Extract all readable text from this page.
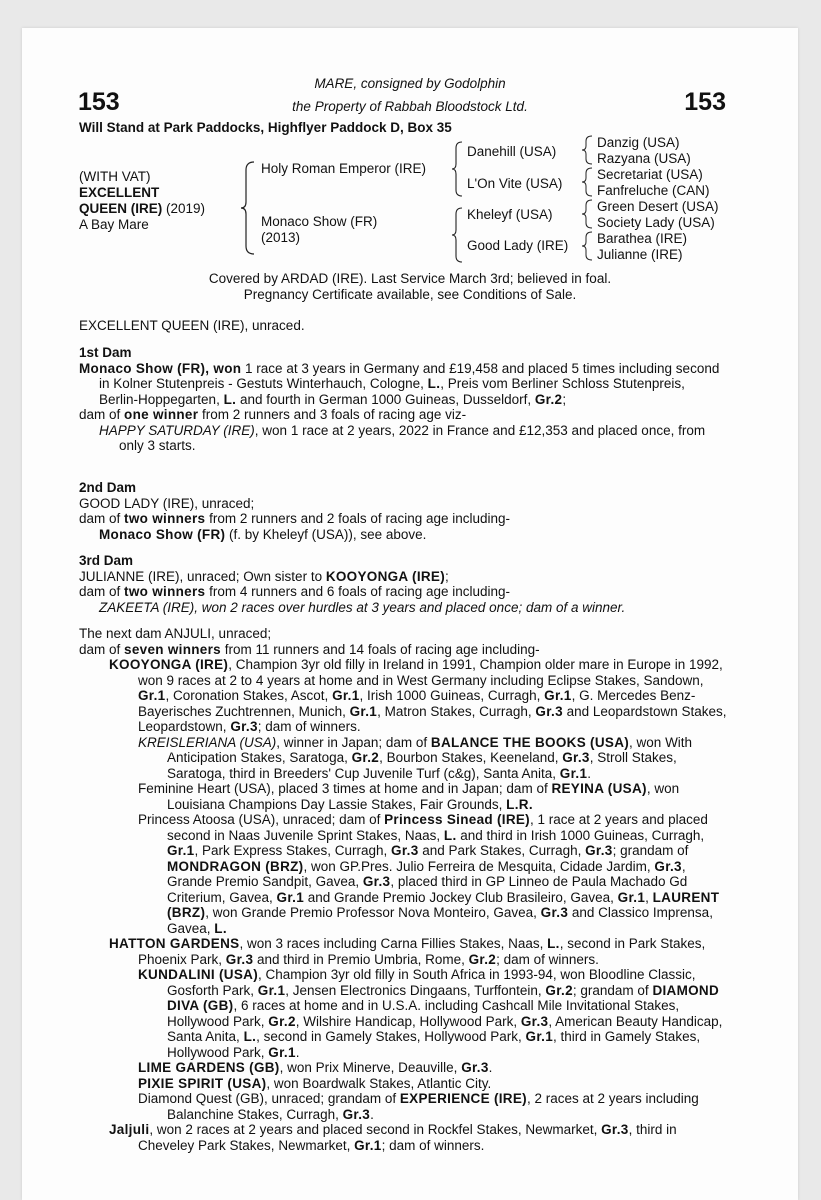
153	153
MARE, consigned by Godolphin
the Property of Rabbah Bloodstock Ltd.
Will Stand at Park Paddocks, Highflyer Paddock D, Box 35
(WITH VAT)
EXCELLENT
QUEEN (IRE) (2019)
A Bay Mare
Holy Roman Emperor (IRE)
Monaco Show (FR)
(2013)
Danehill (USA)
L'On Vite (USA)
Kheleyf (USA)
Good Lady (IRE)
Danzig (USA)
Razyana (USA)
Secretariat (USA)
Fanfreluche (CAN)
Green Desert (USA)
Society Lady (USA)
Barathea (IRE)
Julianne (IRE)
Covered by ARDAD (IRE). Last Service March 3rd; believed in foal.
Pregnancy Certificate available, see Conditions of Sale.
EXCELLENT QUEEN (IRE), unraced.

1st Dam

Monaco Show (FR), won 1 race at 3 years in Germany and £19,458 and placed 5 times including second in Kolner Stutenpreis - Gestuts Winterhauch, Cologne, L., Preis vom Berliner Schloss Stutenpreis, Berlin-Hoppegarten, L. and fourth in German 1000 Guineas, Dusseldorf, Gr.2;

dam of one winner from 2 runners and 3 foals of racing age viz-

HAPPY SATURDAY (IRE), won 1 race at 2 years, 2022 in France and £12,353 and placed once, from only 3 starts.

2nd Dam

GOOD LADY (IRE), unraced;

dam of two winners from 2 runners and 2 foals of racing age including-

Monaco Show (FR) (f. by Kheleyf (USA)), see above.

3rd Dam

JULIANNE (IRE), unraced; Own sister to KOOYONGA (IRE);

dam of two winners from 4 runners and 6 foals of racing age including-

ZAKEETA (IRE), won 2 races over hurdles at 3 years and placed once; dam of a winner.

The next dam ANJULI, unraced;

dam of seven winners from 11 runners and 14 foals of racing age including-

KOOYONGA (IRE), Champion 3yr old filly in Ireland in 1991, Champion older mare in Europe in 1992, won 9 races at 2 to 4 years at home and in West Germany including Eclipse Stakes, Sandown, Gr.1, Coronation Stakes, Ascot, Gr.1, Irish 1000 Guineas, Curragh, Gr.1, G. Mercedes Benz-Bayerisches Zuchtrennen, Munich, Gr.1, Matron Stakes, Curragh, Gr.3 and Leopardstown Stakes, Leopardstown, Gr.3; dam of winners.

KREISLERIANA (USA), winner in Japan; dam of BALANCE THE BOOKS (USA), won With Anticipation Stakes, Saratoga, Gr.2, Bourbon Stakes, Keeneland, Gr.3, Stroll Stakes, Saratoga, third in Breeders' Cup Juvenile Turf (c&g), Santa Anita, Gr.1.

Feminine Heart (USA), placed 3 times at home and in Japan; dam of REYINA (USA), won Louisiana Champions Day Lassie Stakes, Fair Grounds, L.R.

Princess Atoosa (USA), unraced; dam of Princess Sinead (IRE), 1 race at 2 years and placed second in Naas Juvenile Sprint Stakes, Naas, L. and third in Irish 1000 Guineas, Curragh, Gr.1, Park Express Stakes, Curragh, Gr.3 and Park Stakes, Curragh, Gr.3; grandam of MONDRAGON (BRZ), won GP.Pres. Julio Ferreira de Mesquita, Cidade Jardim, Gr.3, Grande Premio Sandpit, Gavea, Gr.3, placed third in GP Linneo de Paula Machado Gd Criterium, Gavea, Gr.1 and Grande Premio Jockey Club Brasileiro, Gavea, Gr.1, LAURENT (BRZ), won Grande Premio Professor Nova Monteiro, Gavea, Gr.3 and Classico Imprensa, Gavea, L.

HATTON GARDENS, won 3 races including Carna Fillies Stakes, Naas, L., second in Park Stakes, Phoenix Park, Gr.3 and third in Premio Umbria, Rome, Gr.2; dam of winners.

KUNDALINI (USA), Champion 3yr old filly in South Africa in 1993-94, won Bloodline Classic, Gosforth Park, Gr.1, Jensen Electronics Dingaans, Turffontein, Gr.2; grandam of DIAMOND DIVA (GB), 6 races at home and in U.S.A. including Cashcall Mile Invitational Stakes, Hollywood Park, Gr.2, Wilshire Handicap, Hollywood Park, Gr.3, American Beauty Handicap, Santa Anita, L., second in Gamely Stakes, Hollywood Park, Gr.1, third in Gamely Stakes, Hollywood Park, Gr.1.

LIME GARDENS (GB), won Prix Minerve, Deauville, Gr.3.

PIXIE SPIRIT (USA), won Boardwalk Stakes, Atlantic City.

Diamond Quest (GB), unraced; grandam of EXPERIENCE (IRE), 2 races at 2 years including Balanchine Stakes, Curragh, Gr.3.

Jaljuli, won 2 races at 2 years and placed second in Rockfel Stakes, Newmarket, Gr.3, third in Cheveley Park Stakes, Newmarket, Gr.1; dam of winners.
